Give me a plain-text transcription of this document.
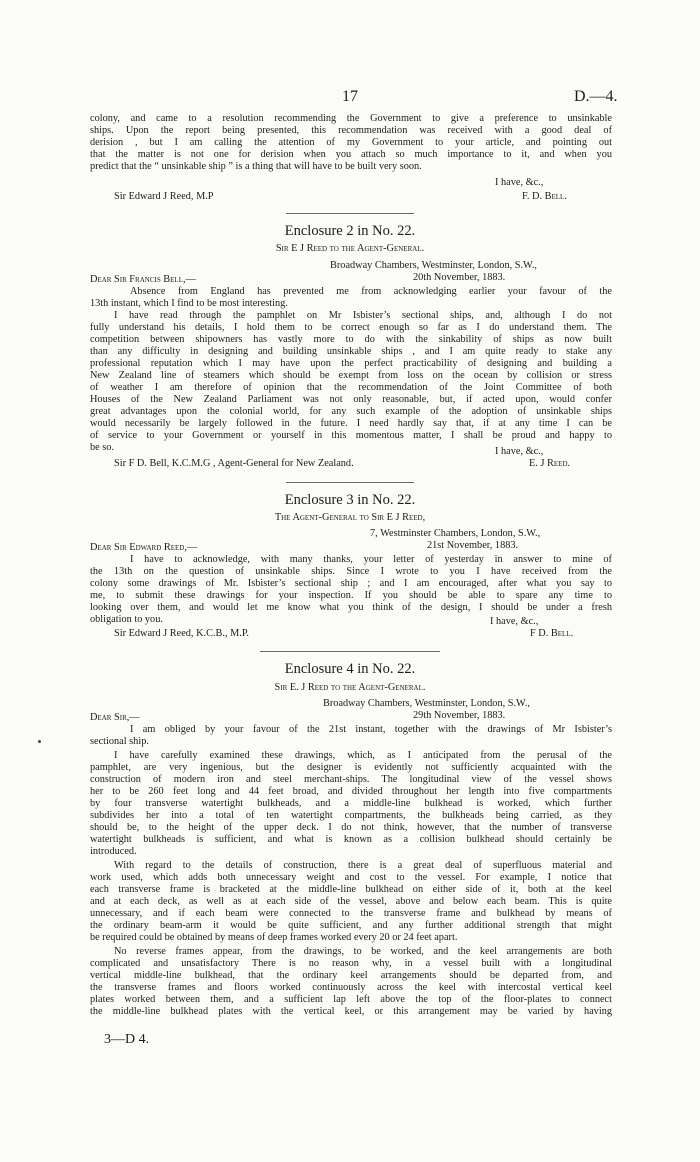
17	D.—4.
colony, and came to a resolution recommending the Government to give a preference to unsinkable
ships. Upon the report being presented, this recommendation was received with a good deal of
derision , but I am calling the attention of my Government to your article, and pointing out
that the matter is not one for derision when you attach so much importance to it, and when you
predict that the “ unsinkable ship ” is a thing that will have to be built very soon.
I have, &c.,
Sir Edward J Reed, M.P	F. D. Bell.
Enclosure 2 in No. 22.
Sir E J Reed to the Agent-General.
Broadway Chambers, Westminster, London, S.W.,
Dear Sir Francis Bell,—	20th November, 1883.
Absence from England has prevented me from acknowledging earlier your favour of the
13th instant, which I find to be most interesting.
I have read through the pamphlet on Mr Isbister’s sectional ships, and, although I do not
fully understand his details, I hold them to be correct enough so far as I do understand them. The
competition between shipowners has vastly more to do with the sinkability of ships as now built
than any difficulty in designing and building unsinkable ships , and I am quite ready to stake any
professional reputation which I may have upon the perfect practicability of designing and building a
New Zealand line of steamers which should be exempt from loss on the ocean by collision or stress
of weather I am therefore of opinion that the recommendation of the Joint Committee of both
Houses of the New Zealand Parliament was not only reasonable, but, if acted upon, would confer
great advantages upon the colonial world, for any such example of the adoption of unsinkable ships
would necessarily be largely followed in the future. I need hardly say that, if at any time I can be
of service to your Government or yourself in this momentous matter, I shall be proud and happy to
be so.	I have, &c.,
Sir F D. Bell, K.C.M.G , Agent-General for New Zealand.	E. J Reed.
Enclosure 3 in No. 22.
The Agent-General to Sir E J Reed,
7, Westminster Chambers, London, S.W.,
Dear Sir Edward Reed,—	21st November, 1883.
I have to acknowledge, with many thanks, your letter of yesterday in answer to mine of
the 13th on the question of unsinkable ships. Since I wrote to you I have received from the
colony some drawings of Mr. Isbister’s sectional ship ; and I am encouraged, after what you say to
me, to submit these drawings for your inspection. If you should be able to spare any time to
looking over them, and would let me know what you think of the design, I should be under a fresh
obligation to you.	I have, &c.,
Sir Edward J Reed, K.C.B., M.P.	F D. Bell.
Enclosure 4 in No. 22.
Sir E. J Reed to the Agent-General.
Broadway Chambers, Westminster, London, S.W.,
Dear Sir,—	29th November, 1883.
I am obliged by your favour of the 21st instant, together with the drawings of Mr Isbister’s
sectional ship.
I have carefully examined these drawings, which, as I anticipated from the perusal of the
pamphlet, are very ingenious, but the designer is evidently not sufficiently acquainted with the
construction of modern iron and steel merchant-ships. The longitudinal view of the vessel shows
her to be 260 feet long and 44 feet broad, and divided throughout her length into five compartments
by four transverse watertight bulkheads, and a middle-line bulkhead is worked, which further
subdivides her into a total of ten watertight compartments, the bulkheads being carried, as they
should be, to the height of the upper deck. I do not think, however, that the number of transverse
watertight bulkheads is sufficient, and what is known as a collision bulkhead should certainly be
introduced.
With regard to the details of construction, there is a great deal of superfluous material and
work used, which adds both unnecessary weight and cost to the vessel. For example, I notice that
each transverse frame is bracketed at the middle-line bulkhead on either side of it, both at the keel
and at each deck, as well as at each side of the vessel, above and below each beam. This is quite
unnecessary, and if each beam were connected to the transverse frame and bulkhead by means of
the ordinary beam-arm it would be quite sufficient, and any further additional strength that might
be required could be obtained by means of deep frames worked every 20 or 24 feet apart.
No reverse frames appear, from the drawings, to be worked, and the keel arrangements are both
complicated and unsatisfactory There is no reason why, in a vessel built with a longitudinal
vertical middle-line bulkhead, that the ordinary keel arrangements should be departed from, and
the transverse frames and floors worked continuously across the keel with intercostal vertical keel
plates worked between them, and a sufficient lap left above the top of the floor-plates to connect
the middle-line bulkhead plates with the vertical keel, or this arrangement may be varied by having
3—D 4.
